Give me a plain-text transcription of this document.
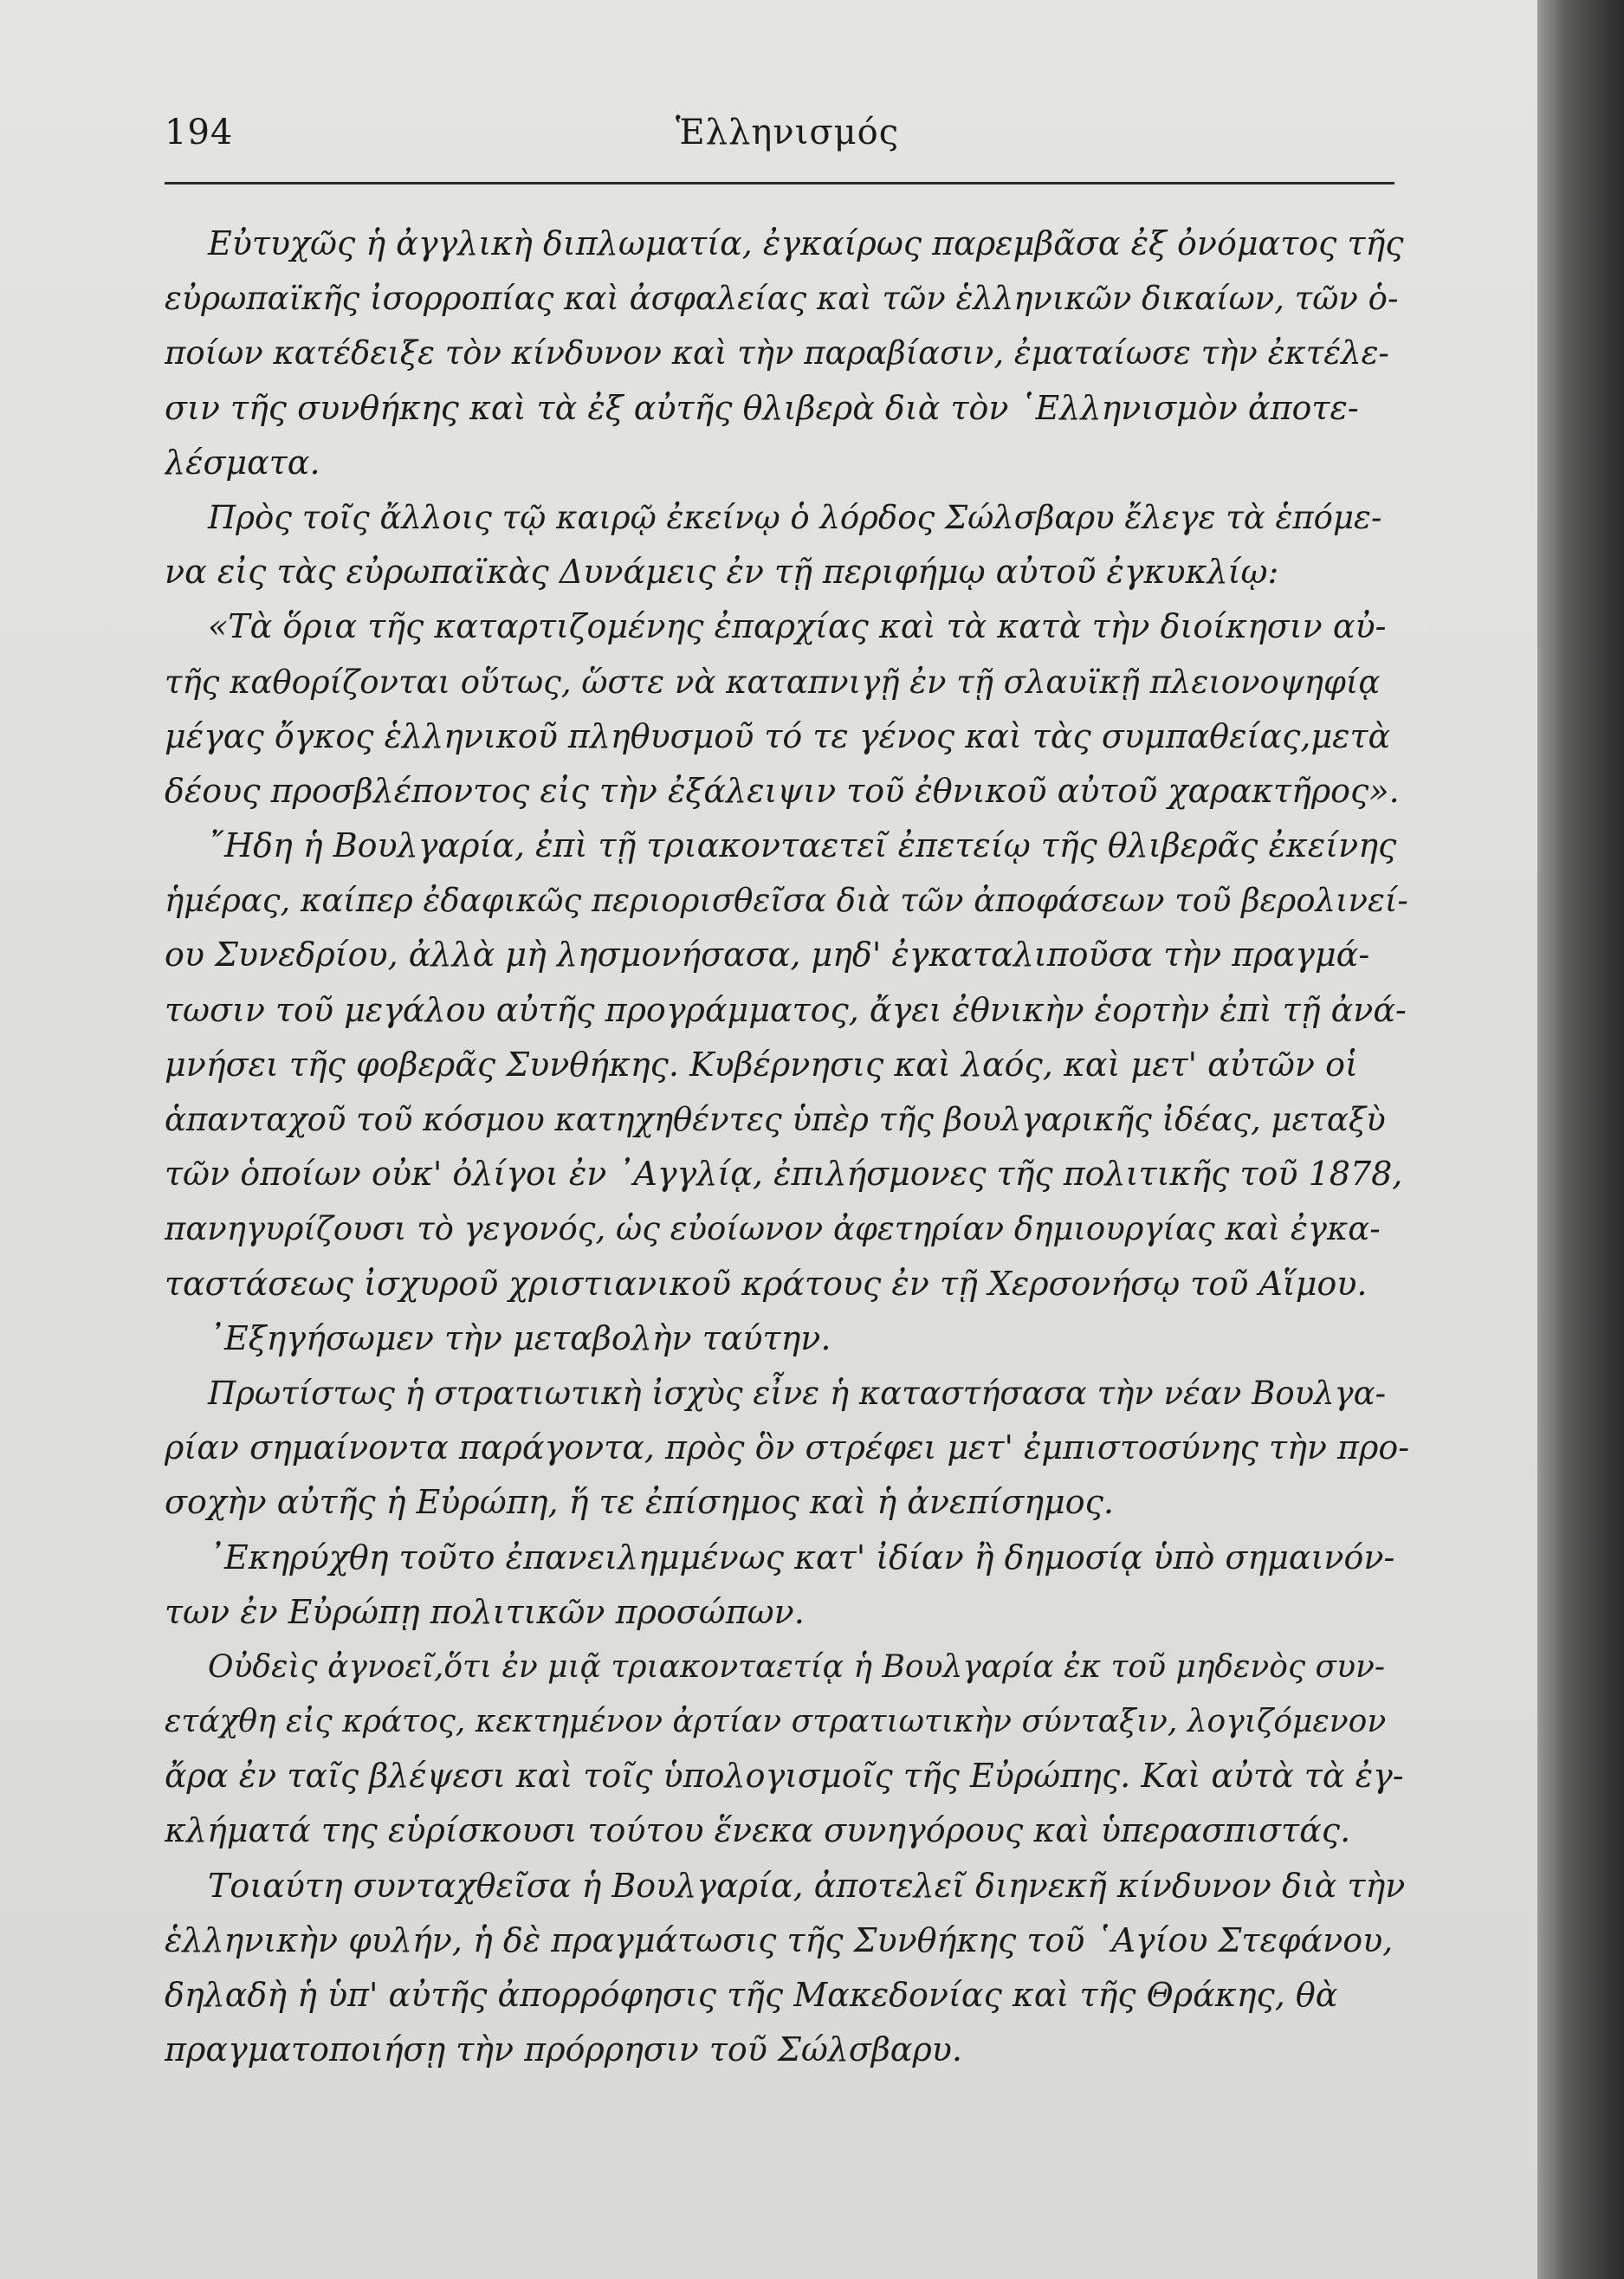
194	Ἑλληνισμός
Εὐτυχῶς ἡ ἀγγλικὴ διπλωματία, ἐγκαίρως παρεμβᾶσα ἐξ ὀνόματος τῆς
εὐρωπαϊκῆς ἰσορροπίας καὶ ἀσφαλείας καὶ τῶν ἑλληνικῶν δικαίων, τῶν ὁ-
ποίων κατέδειξε τὸν κίνδυνον καὶ τὴν παραβίασιν, ἐματαίωσε τὴν ἐκτέλε-
σιν τῆς συνθήκης καὶ τὰ ἐξ αὐτῆς θλιβερὰ διὰ τὸν ῾Ελληνισμὸν ἀποτε-
λέσματα.
Πρὸς τοῖς ἄλλοις τῷ καιρῷ ἐκείνῳ ὁ λόρδος Σώλσβαρυ ἔλεγε τὰ ἑπόμε-
να εἰς τὰς εὐρωπαϊκὰς Δυνάμεις ἐν τῇ περιφήμῳ αὐτοῦ ἐγκυκλίῳ:
«Τὰ ὅρια τῆς καταρτιζομένης ἐπαρχίας καὶ τὰ κατὰ τὴν διοίκησιν αὐ-
τῆς καθορίζονται οὕτως, ὥστε νὰ καταπνιγῇ ἐν τῇ σλαυϊκῇ πλειονοψηφίᾳ
μέγας ὄγκος ἑλληνικοῦ πληθυσμοῦ τό τε γένος καὶ τὰς συμπαθείας,μετὰ
δέους προσβλέποντος εἰς τὴν ἐξάλειψιν τοῦ ἐθνικοῦ αὐτοῦ χαρακτῆρος».
῎Ηδη ἡ Βουλγαρία, ἐπὶ τῇ τριακονταετεῖ ἐπετείῳ τῆς θλιβερᾶς ἐκείνης
ἡμέρας, καίπερ ἐδαφικῶς περιορισθεῖσα διὰ τῶν ἀποφάσεων τοῦ βερολινεί-
ου Συνεδρίου, ἀλλὰ μὴ λησμονήσασα, μηδ' ἐγκαταλιποῦσα τὴν πραγμά-
τωσιν τοῦ μεγάλου αὐτῆς προγράμματος, ἄγει ἐθνικὴν ἑορτὴν ἐπὶ τῇ ἀνά-
μνήσει τῆς φοβερᾶς Συνθήκης. Κυβέρνησις καὶ λαός, καὶ μετ' αὐτῶν οἱ
ἁπανταχοῦ τοῦ κόσμου κατηχηθέντες ὑπὲρ τῆς βουλγαρικῆς ἰδέας, μεταξὺ
τῶν ὁποίων οὐκ' ὀλίγοι ἐν ᾿Αγγλίᾳ, ἐπιλήσμονες τῆς πολιτικῆς τοῦ 1878,
πανηγυρίζουσι τὸ γεγονός, ὡς εὐοίωνον ἀφετηρίαν δημιουργίας καὶ ἐγκα-
ταστάσεως ἰσχυροῦ χριστιανικοῦ κράτους ἐν τῇ Χερσονήσῳ τοῦ Αἵμου.
᾿Εξηγήσωμεν τὴν μεταβολὴν ταύτην.
Πρωτίστως ἡ στρατιωτικὴ ἰσχὺς εἶνε ἡ καταστήσασα τὴν νέαν Βουλγα-
ρίαν σημαίνοντα παράγοντα, πρὸς ὃν στρέφει μετ' ἐμπιστοσύνης τὴν προ-
σοχὴν αὐτῆς ἡ Εὐρώπη, ἥ τε ἐπίσημος καὶ ἡ ἀνεπίσημος.
᾿Εκηρύχθη τοῦτο ἐπανειλημμένως κατ' ἰδίαν ἢ δημοσίᾳ ὑπὸ σημαινόν-
των ἐν Εὐρώπῃ πολιτικῶν προσώπων.
Οὐδεὶς ἀγνοεῖ,ὅτι ἐν μιᾷ τριακονταετίᾳ ἡ Βουλγαρία ἐκ τοῦ μηδενὸς συν-
ετάχθη εἰς κράτος, κεκτημένον ἀρτίαν στρατιωτικὴν σύνταξιν, λογιζόμενον
ἄρα ἐν ταῖς βλέψεσι καὶ τοῖς ὑπολογισμοῖς τῆς Εὐρώπης. Καὶ αὐτὰ τὰ ἐγ-
κλήματά της εὑρίσκουσι τούτου ἕνεκα συνηγόρους καὶ ὑπερασπιστάς.
Τοιαύτη συνταχθεῖσα ἡ Βουλγαρία, ἀποτελεῖ διηνεκῆ κίνδυνον διὰ τὴν
ἑλληνικὴν φυλήν, ἡ δὲ πραγμάτωσις τῆς Συνθήκης τοῦ ῾Αγίου Στεφάνου,
δηλαδὴ ἡ ὑπ' αὐτῆς ἀπορρόφησις τῆς Μακεδονίας καὶ τῆς Θράκης, θὰ
πραγματοποιήσῃ τὴν πρόρρησιν τοῦ Σώλσβαρυ.
